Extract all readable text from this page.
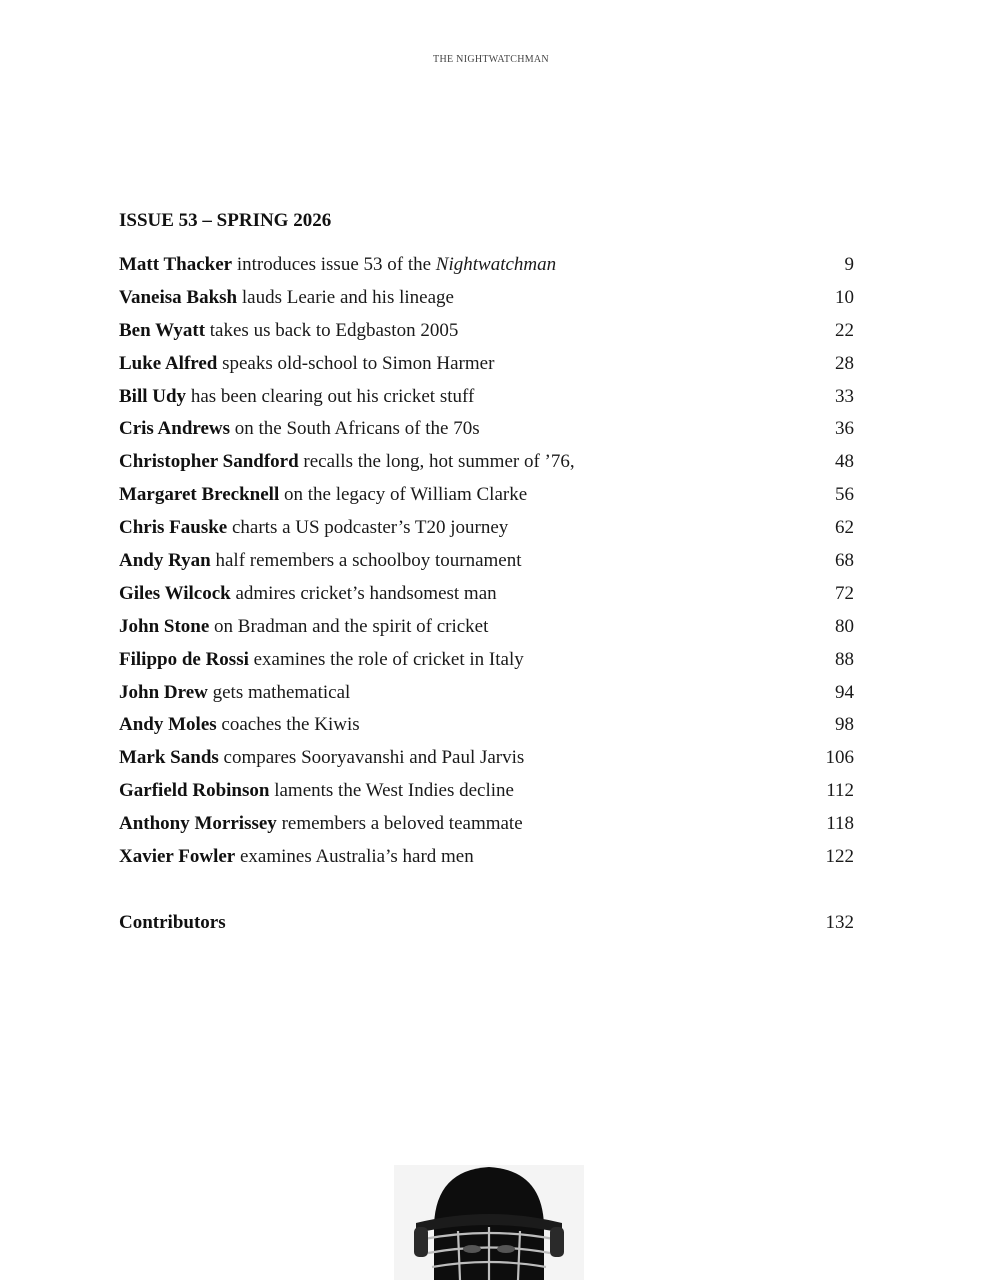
THE NIGHTWATCHMAN
ISSUE 53 – SPRING 2026
Matt Thacker introduces issue 53 of the Nightwatchman	9
Vaneisa Baksh lauds Learie and his lineage	10
Ben Wyatt takes us back to Edgbaston 2005	22
Luke Alfred speaks old-school to Simon Harmer	28
Bill Udy has been clearing out his cricket stuff	33
Cris Andrews on the South Africans of the 70s	36
Christopher Sandford recalls the long, hot summer of ’76,	48
Margaret Brecknell on the legacy of William Clarke	56
Chris Fauske charts a US podcaster’s T20 journey	62
Andy Ryan half remembers a schoolboy tournament	68
Giles Wilcock admires cricket’s handsomest man	72
John Stone on Bradman and the spirit of cricket	80
Filippo de Rossi examines the role of cricket in Italy	88
John Drew gets mathematical	94
Andy Moles coaches the Kiwis	98
Mark Sands compares Sooryavanshi and Paul Jarvis	106
Garfield Robinson laments the West Indies decline	112
Anthony Morrissey remembers a beloved teammate	118
Xavier Fowler examines Australia’s hard men	122
Contributors	132
